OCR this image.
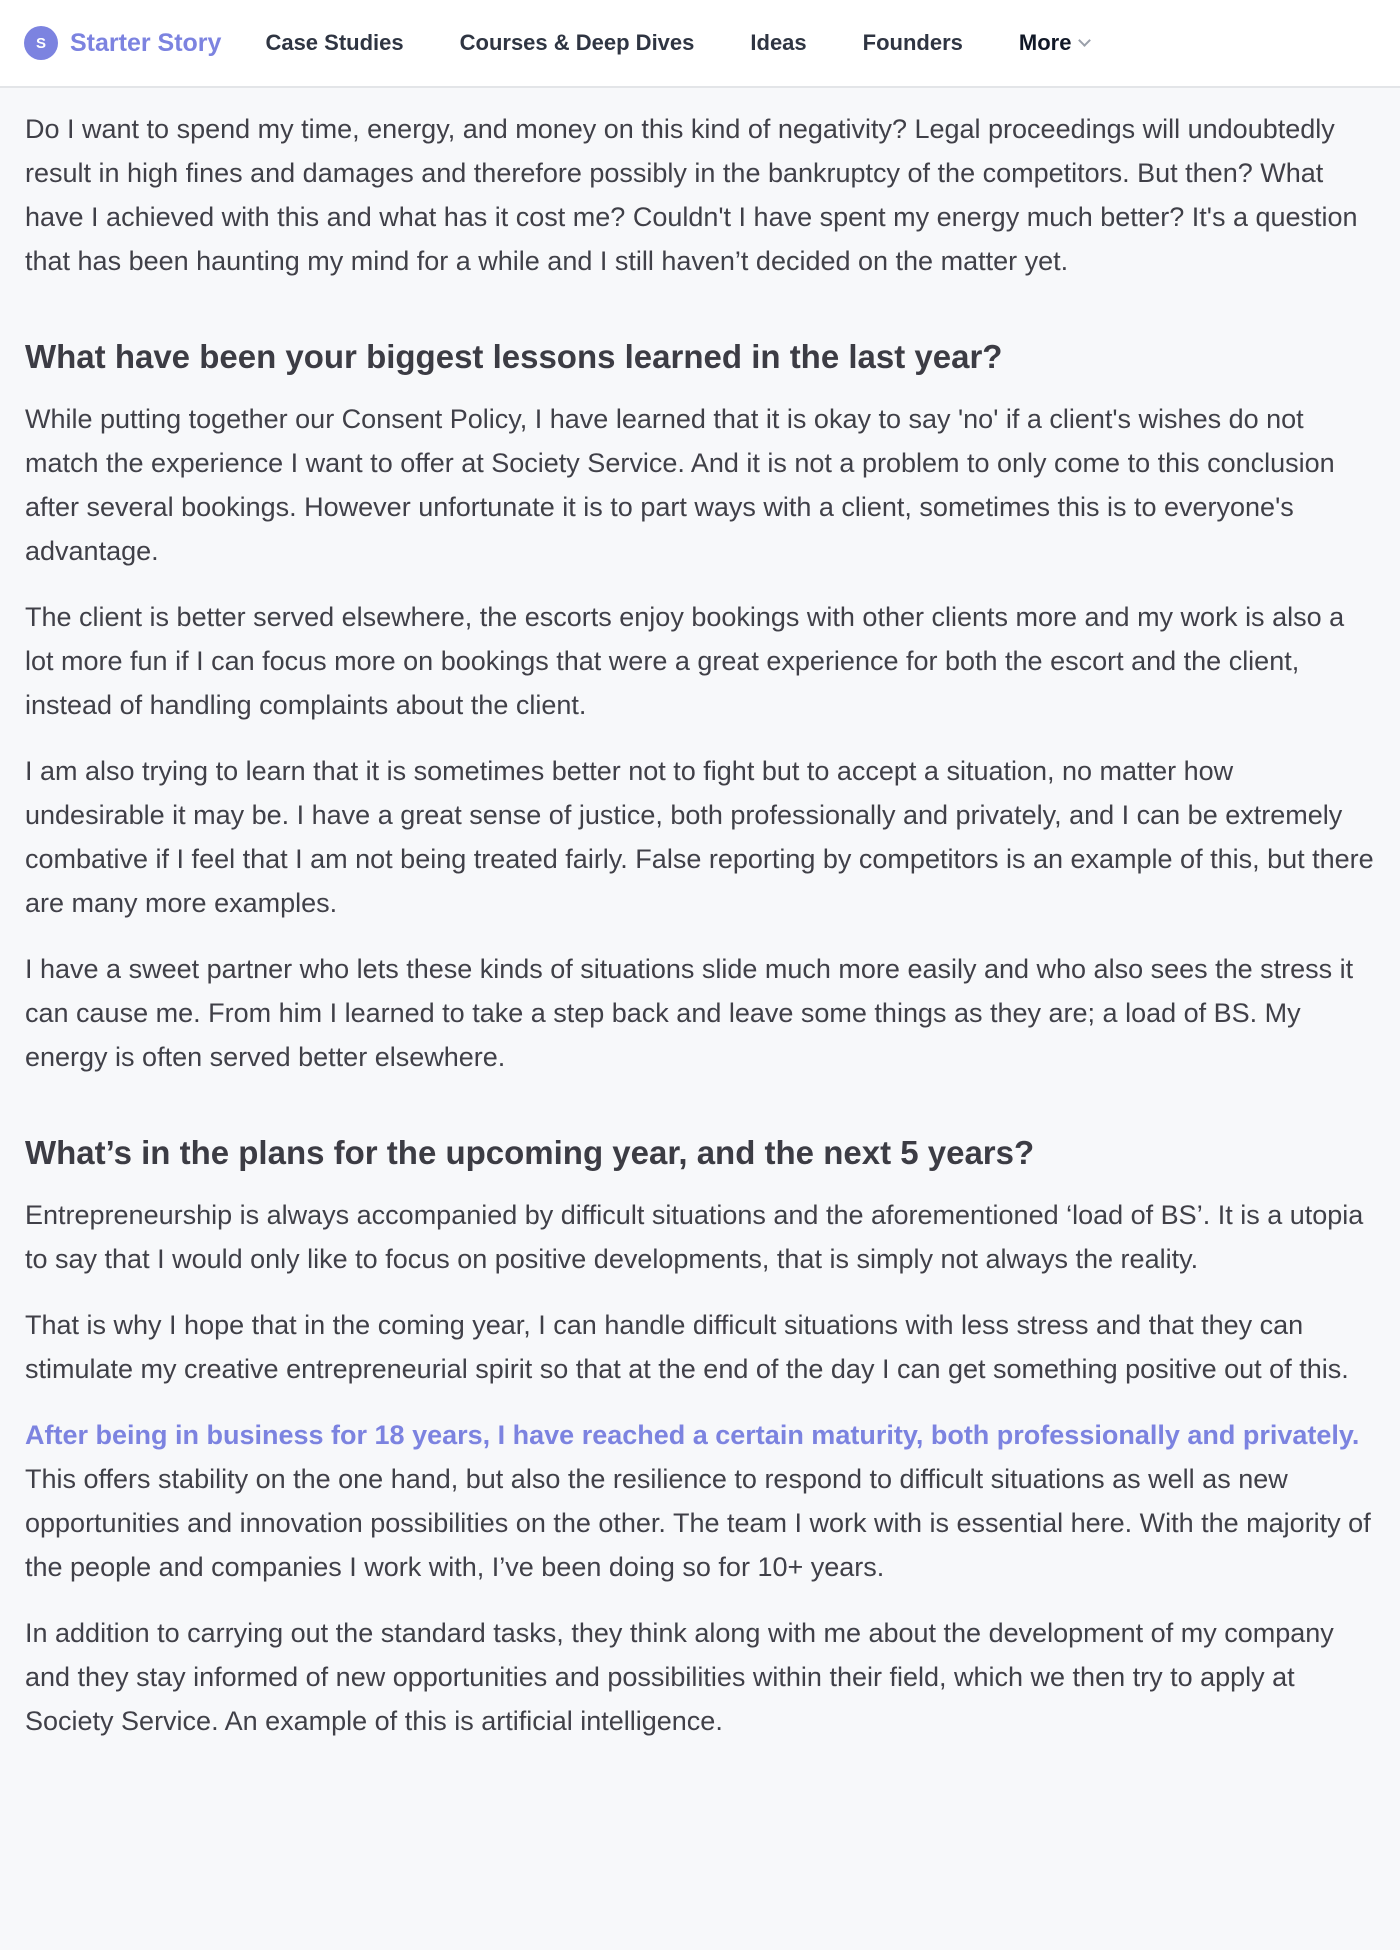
S Starter Story Case Studies	Courses & Deep Dives	Ideas	Founders	More

Do I want to spend my time, energy, and money on this kind of negativity? Legal proceedings will undoubtedly result in high fines and damages and therefore possibly in the bankruptcy of the competitors. But then? What have I achieved with this and what has it cost me? Couldn't I have spent my energy much better? It's a question that has been haunting my mind for a while and I still haven’t decided on the matter yet.

What have been your biggest lessons learned in the last year?

While putting together our Consent Policy, I have learned that it is okay to say 'no' if a client's wishes do not match the experience I want to offer at Society Service. And it is not a problem to only come to this conclusion after several bookings. However unfortunate it is to part ways with a client, sometimes this is to everyone's advantage.

The client is better served elsewhere, the escorts enjoy bookings with other clients more and my work is also a lot more fun if I can focus more on bookings that were a great experience for both the escort and the client, instead of handling complaints about the client.

I am also trying to learn that it is sometimes better not to fight but to accept a situation, no matter how undesirable it may be. I have a great sense of justice, both professionally and privately, and I can be extremely combative if I feel that I am not being treated fairly. False reporting by competitors is an example of this, but there are many more examples.

I have a sweet partner who lets these kinds of situations slide much more easily and who also sees the stress it can cause me. From him I learned to take a step back and leave some things as they are; a load of BS. My energy is often served better elsewhere.

What’s in the plans for the upcoming year, and the next 5 years?

Entrepreneurship is always accompanied by difficult situations and the aforementioned ‘load of BS’. It is a utopia to say that I would only like to focus on positive developments, that is simply not always the reality.

That is why I hope that in the coming year, I can handle difficult situations with less stress and that they can stimulate my creative entrepreneurial spirit so that at the end of the day I can get something positive out of this.

After being in business for 18 years, I have reached a certain maturity, both professionally and privately. This offers stability on the one hand, but also the resilience to respond to difficult situations as well as new opportunities and innovation possibilities on the other. The team I work with is essential here. With the majority of the people and companies I work with, I’ve been doing so for 10+ years.

In addition to carrying out the standard tasks, they think along with me about the development of my company and they stay informed of new opportunities and possibilities within their field, which we then try to apply at Society Service. An example of this is artificial intelligence.
